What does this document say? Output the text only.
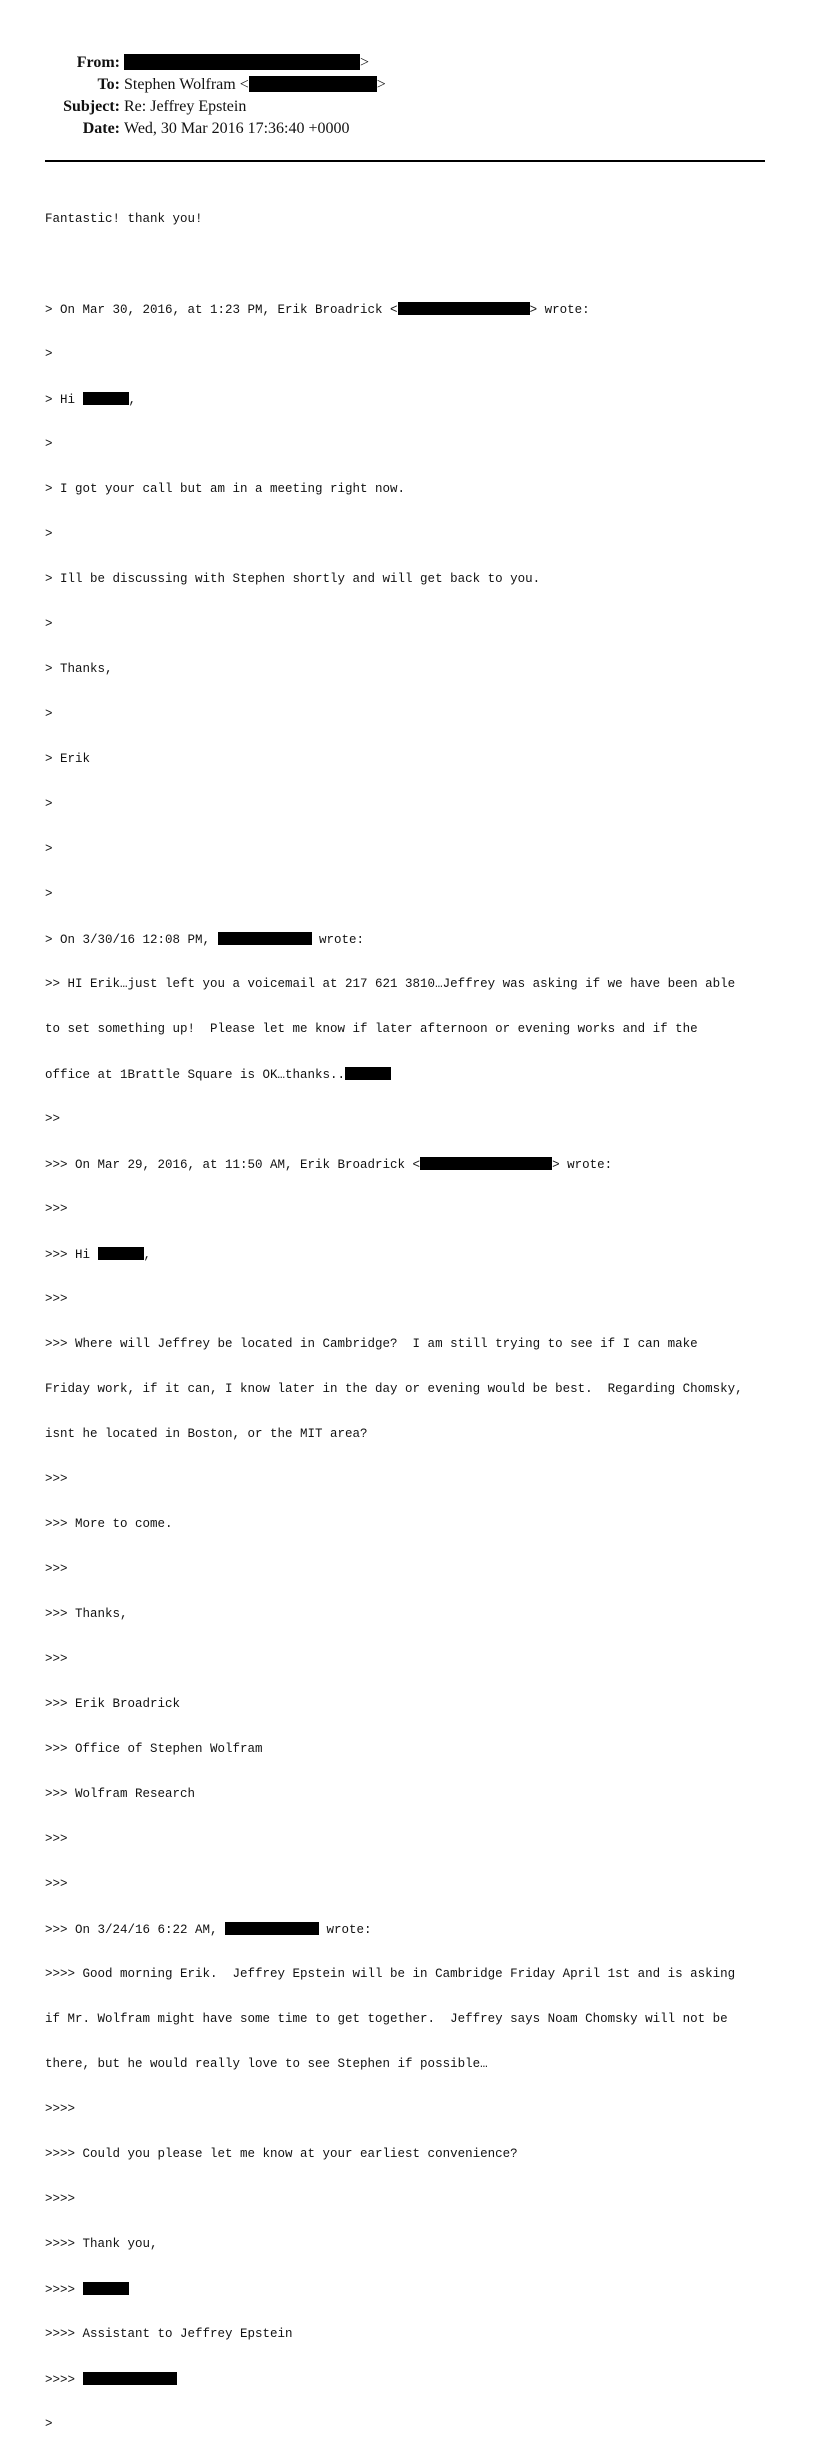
From:	>
To: Stephen Wolfram <	>
Subject: Re: Jeffrey Epstein
Date: Wed, 30 Mar 2016 17:36:40 +0000

Fantastic! thank you!

> On Mar 30, 2016, at 1:23 PM, Erik Broadrick <	> wrote:

>

> Hi	,

>

> I got your call but am in a meeting right now.

>

> Ill be discussing with Stephen shortly and will get back to you.

>

> Thanks,

>

> Erik

>

>

>

> On 3/30/16 12:08 PM,	wrote:

>> HI Erik…just left you a voicemail at 217 621 3810…Jeffrey was asking if we have been able

to set something up!  Please let me know if later afternoon or evening works and if the

office at 1Brattle Square is OK…thanks..

>>

>>> On Mar 29, 2016, at 11:50 AM, Erik Broadrick <	> wrote:

>>>

>>> Hi	,

>>>

>>> Where will Jeffrey be located in Cambridge?  I am still trying to see if I can make

Friday work, if it can, I know later in the day or evening would be best.  Regarding Chomsky,

isnt he located in Boston, or the MIT area?

>>>

>>> More to come.

>>>

>>> Thanks,

>>>

>>> Erik Broadrick

>>> Office of Stephen Wolfram

>>> Wolfram Research

>>>

>>>

>>> On 3/24/16 6:22 AM,	wrote:

>>>> Good morning Erik.  Jeffrey Epstein will be in Cambridge Friday April 1st and is asking

if Mr. Wolfram might have some time to get together.  Jeffrey says Noam Chomsky will not be

there, but he would really love to see Stephen if possible…

>>>>

>>>> Could you please let me know at your earliest convenience?

>>>>

>>>> Thank you,

>>>>

>>>> Assistant to Jeffrey Epstein

>>>>

>
